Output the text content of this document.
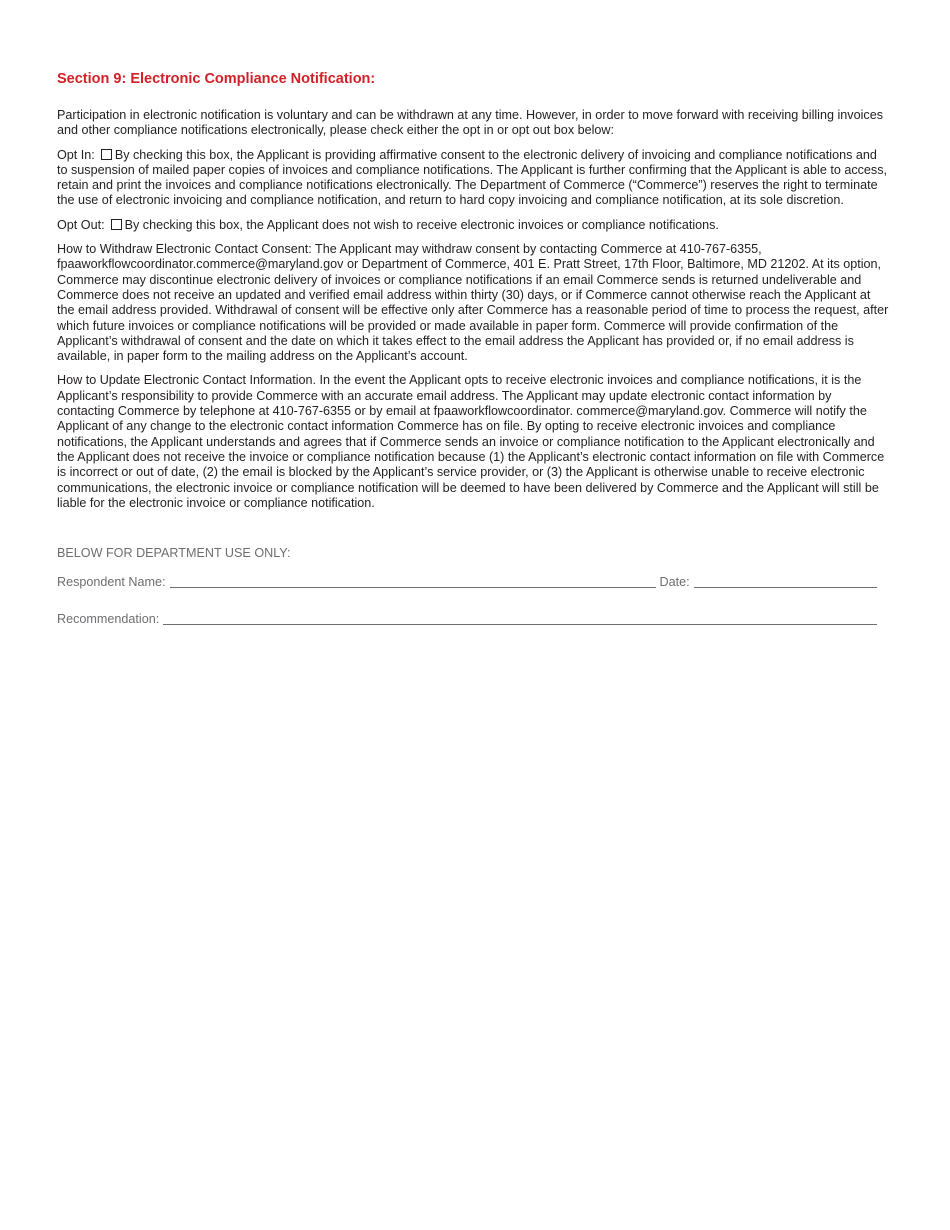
Section 9: Electronic Compliance Notification:

Participation in electronic notification is voluntary and can be withdrawn at any time. However, in order to move forward with receiving billing invoices and other compliance notifications electronically, please check either the opt in or opt out box below:

Opt In: By checking this box, the Applicant is providing affirmative consent to the electronic delivery of invoicing and compliance notifications and to suspension of mailed paper copies of invoices and compliance notifications. The Applicant is further confirming that the Applicant is able to access, retain and print the invoices and compliance notifications electronically. The Department of Commerce (“Commerce”) reserves the right to terminate the use of electronic invoicing and compliance notification, and return to hard copy invoicing and compliance notification, at its sole discretion.

Opt Out: By checking this box, the Applicant does not wish to receive electronic invoices or compliance notifications.

How to Withdraw Electronic Contact Consent: The Applicant may withdraw consent by contacting Commerce at 410-767-6355, fpaaworkflowcoordinator.commerce@maryland.gov or Department of Commerce, 401 E. Pratt Street, 17th Floor, Baltimore, MD 21202. At its option, Commerce may discontinue electronic delivery of invoices or compliance notifications if an email Commerce sends is returned undeliverable and Commerce does not receive an updated and verified email address within thirty (30) days, or if Commerce cannot otherwise reach the Applicant at the email address provided. Withdrawal of consent will be effective only after Commerce has a reasonable period of time to process the request, after which future invoices or compliance notifications will be provided or made available in paper form. Commerce will provide confirmation of the Applicant’s withdrawal of consent and the date on which it takes effect to the email address the Applicant has provided or, if no email address is available, in paper form to the mailing address on the Applicant’s account.

How to Update Electronic Contact Information. In the event the Applicant opts to receive electronic invoices and compliance notifications, it is the Applicant’s responsibility to provide Commerce with an accurate email address. The Applicant may update electronic contact information by contacting Commerce by telephone at 410-767-6355 or by email at fpaaworkflowcoordinator. commerce@maryland.gov. Commerce will notify the Applicant of any change to the electronic contact information Commerce has on file. By opting to receive electronic invoices and compliance notifications, the Applicant understands and agrees that if Commerce sends an invoice or compliance notification to the Applicant electronically and the Applicant does not receive the invoice or compliance notification because (1) the Applicant’s electronic contact information on file with Commerce is incorrect or out of date, (2) the email is blocked by the Applicant’s service provider, or (3) the Applicant is otherwise unable to receive electronic communications, the electronic invoice or compliance notification will be deemed to have been delivered by Commerce and the Applicant will still be liable for the electronic invoice or compliance notification.

BELOW FOR DEPARTMENT USE ONLY:
Respondent Name:	Date:
Recommendation:
